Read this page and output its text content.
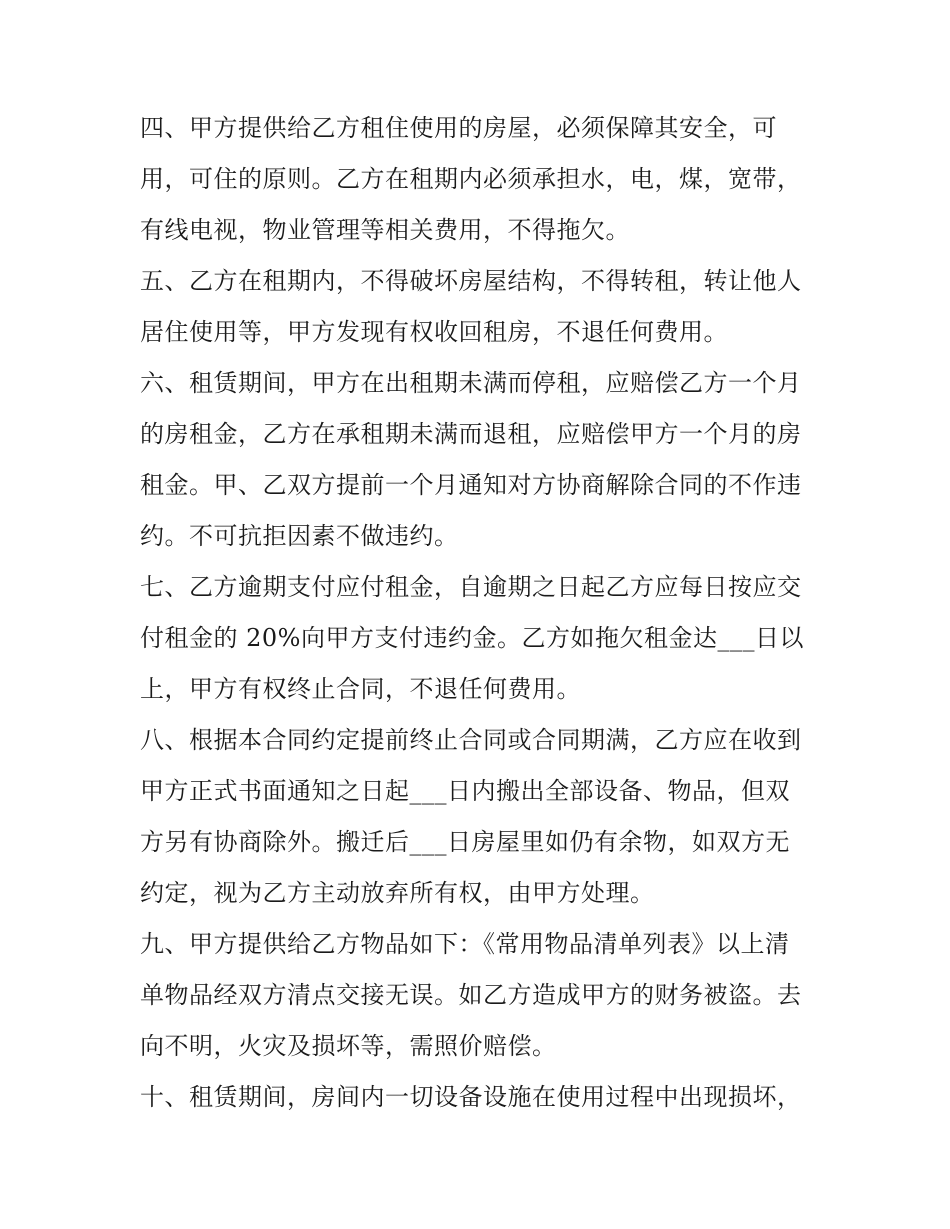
四、甲方提供给乙方租住使用的房屋，必须保障其安全，可
用，可住的原则。乙方在租期内必须承担水，电，煤，宽带，
有线电视，物业管理等相关费用，不得拖欠。
五、乙方在租期内，不得破坏房屋结构，不得转租，转让他人
居住使用等，甲方发现有权收回租房，不退任何费用。
六、租赁期间，甲方在出租期未满而停租，应赔偿乙方一个月
的房租金，乙方在承租期未满而退租，应赔偿甲方一个月的房
租金。甲、乙双方提前一个月通知对方协商解除合同的不作违
约。不可抗拒因素不做违约。
七、乙方逾期支付应付租金，自逾期之日起乙方应每日按应交
付租金的 20%向甲方支付违约金。乙方如拖欠租金达___日以
上，甲方有权终止合同，不退任何费用。
八、根据本合同约定提前终止合同或合同期满，乙方应在收到
甲方正式书面通知之日起___日内搬出全部设备、物品，但双
方另有协商除外。搬迁后___日房屋里如仍有余物，如双方无
约定，视为乙方主动放弃所有权，由甲方处理。
九、甲方提供给乙方物品如下：《常用物品清单列表》以上清
单物品经双方清点交接无误。如乙方造成甲方的财务被盗。去
向不明，火灾及损坏等，需照价赔偿。
十、租赁期间，房间内一切设备设施在使用过程中出现损坏，
